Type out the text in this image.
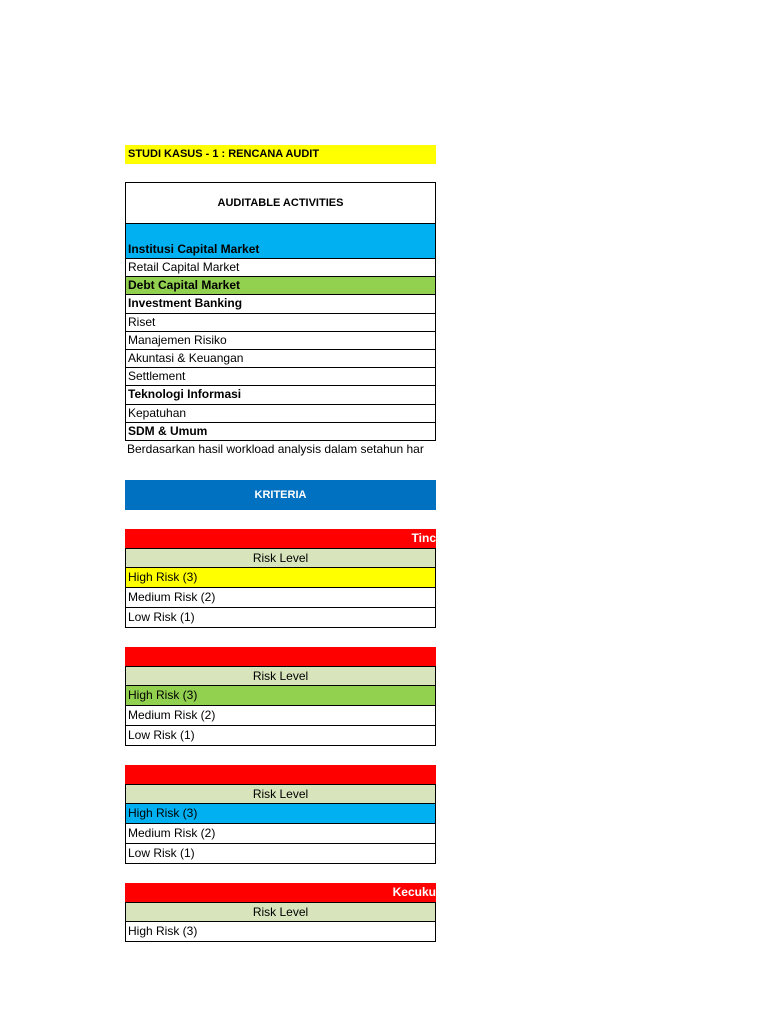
STUDI KASUS - 1 : RENCANA AUDIT
AUDITABLE ACTIVITIES
Institusi Capital Market
Retail Capital Market
Debt Capital Market
Investment Banking
Riset
Manajemen Risiko
Akuntasi & Keuangan
Settlement
Teknologi Informasi
Kepatuhan
SDM & Umum
Berdasarkan hasil workload analysis dalam setahun har
KRITERIA
Tinc
Risk Level
High Risk (3)
Medium Risk (2)
Low Risk (1)
Risk Level
High Risk (3)
Medium Risk (2)
Low Risk (1)
Risk Level
High Risk (3)
Medium Risk (2)
Low Risk (1)
Kecuku
Risk Level
High Risk (3)
